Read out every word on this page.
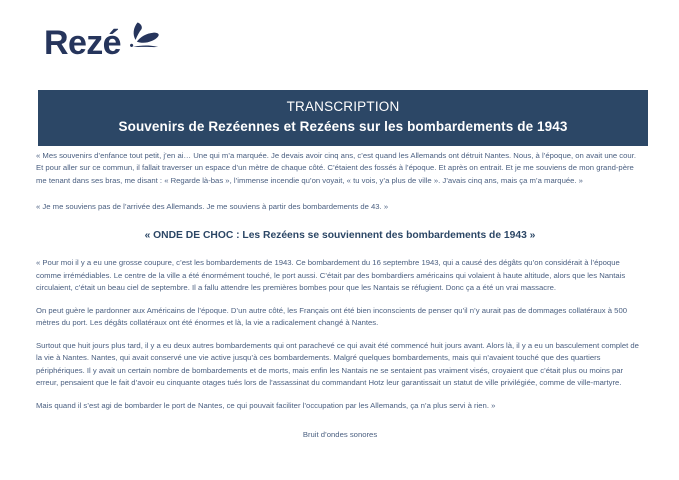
Rezé
TRANSCRIPTION
Souvenirs de Rezéennes et Rezéens sur les bombardements de 1943

« Mes souvenirs d’enfance tout petit, j’en ai… Une qui m’a marquée. Je devais avoir cinq ans, c’est quand les Allemands ont détruit Nantes. Nous, à l’époque, on avait une cour. Et pour aller sur ce commun, il fallait traverser un espace d’un mètre de chaque côté. C’étaient des fossés à l’époque. Et après on entrait. Et je me souviens de mon grand-père me tenant dans ses bras, me disant : « Regarde là-bas », l’immense incendie qu’on voyait, « tu vois, y’a plus de ville ». J’avais cinq ans, mais ça m’a marquée. »

« Je me souviens pas de l’arrivée des Allemands. Je me souviens à partir des bombardements de 43. »

« ONDE DE CHOC : Les Rezéens se souviennent des bombardements de 1943 »

« Pour moi il y a eu une grosse coupure, c’est les bombardements de 1943. Ce bombardement du 16 septembre 1943, qui a causé des dégâts qu’on considérait à l’époque comme irrémédiables. Le centre de la ville a été énormément touché, le port aussi. C’était par des bombardiers américains qui volaient à haute altitude, alors que les Nantais circulaient, c’était un beau ciel de septembre. Il a fallu attendre les premières bombes pour que les Nantais se réfugient. Donc ça a été un vrai massacre.

On peut guère le pardonner aux Américains de l’époque. D’un autre côté, les Français ont été bien inconscients de penser qu’il n’y aurait pas de dommages collatéraux à 500 mètres du port. Les dégâts collatéraux ont été énormes et là, la vie a radicalement changé à Nantes.

Surtout que huit jours plus tard, il y a eu deux autres bombardements qui ont parachevé ce qui avait été commencé huit jours avant. Alors là, il y a eu un basculement complet de la vie à Nantes. Nantes, qui avait conservé une vie active jusqu’à ces bombardements. Malgré quelques bombardements, mais qui n’avaient touché que des quartiers périphériques. Il y avait un certain nombre de bombardements et de morts, mais enfin les Nantais ne se sentaient pas vraiment visés, croyaient que c’était plus ou moins par erreur, pensaient que le fait d’avoir eu cinquante otages tués lors de l’assassinat du commandant Hotz leur garantissait un statut de ville privilégiée, comme de ville-martyre.

Mais quand il s’est agi de bombarder le port de Nantes, ce qui pouvait faciliter l’occupation par les Allemands, ça n’a plus servi à rien. »

Bruit d’ondes sonores
